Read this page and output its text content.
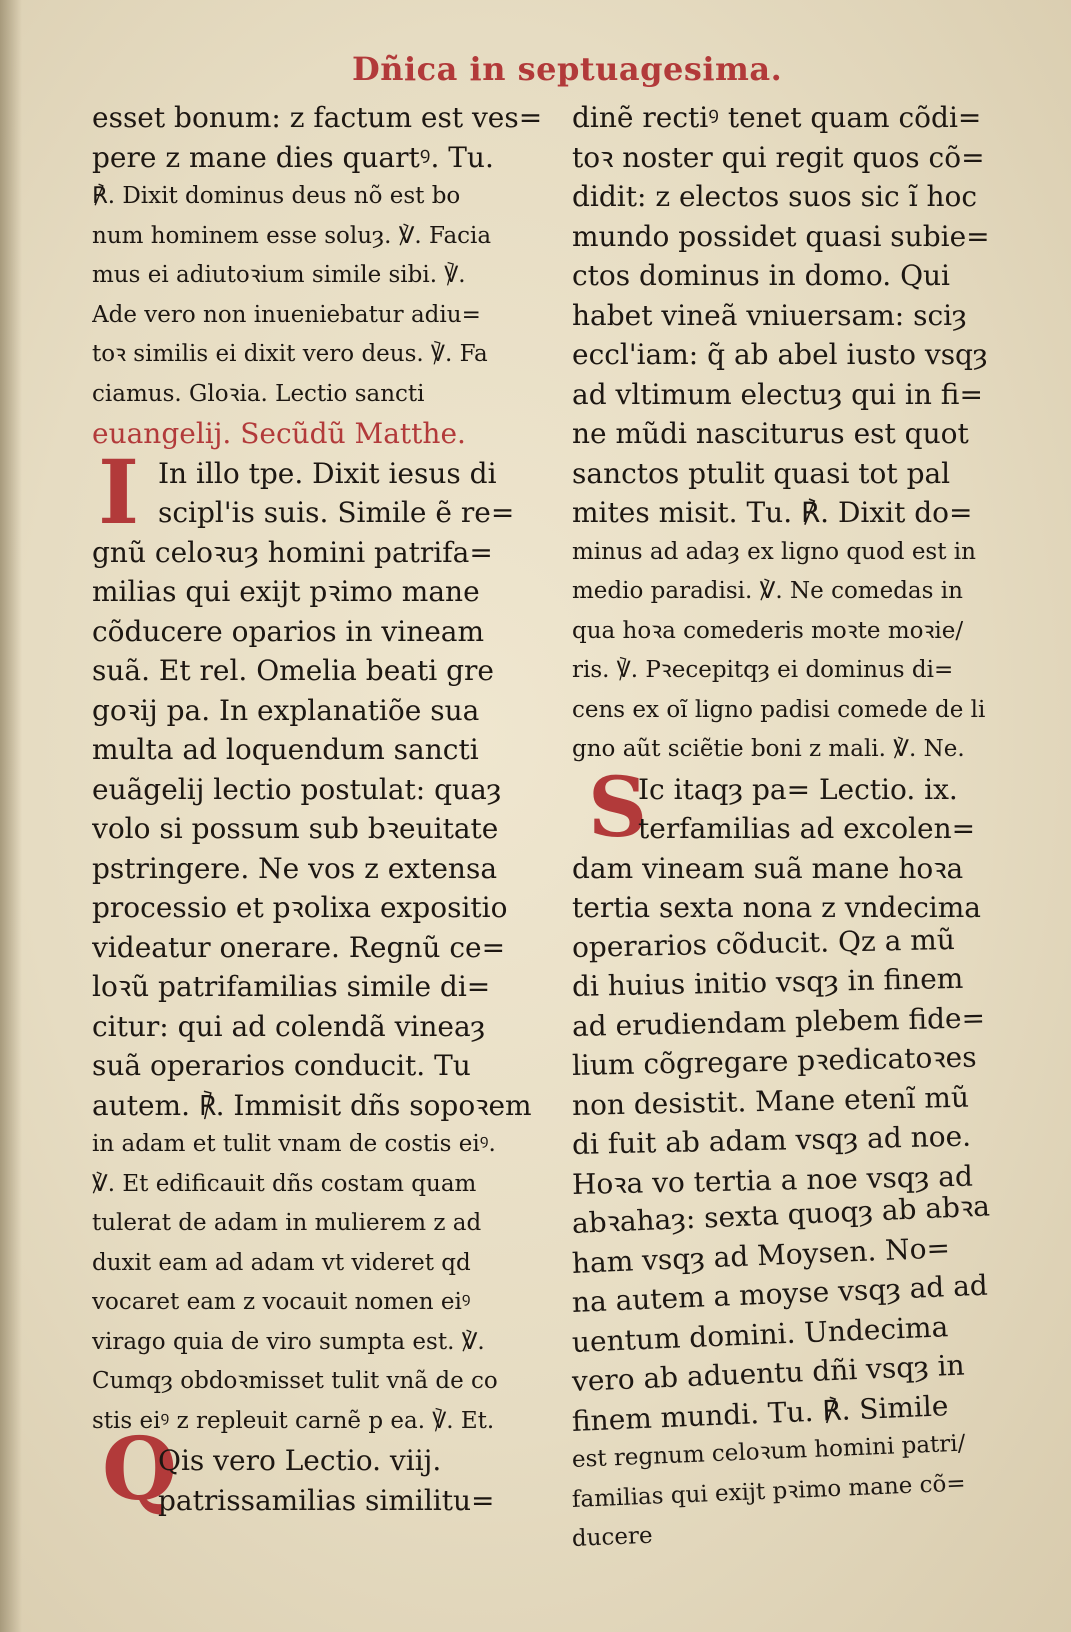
Dñica in septuagesima.
I
S
Q
esset bonum: z factum est ves=
pere z mane dies quartꝰ. Tu.
℟. Dixit dominus deus nõ est bo
num hominem esse soluȝ. ℣. Facia
mus ei adiutoꝛium simile sibi. ℣.
Ade vero non inueniebatur adiu=
toꝛ similis ei dixit vero deus. ℣. Fa
ciamus. Gloꝛia. Lectio sancti
euangelij. Secũdũ Matthe.
In illo tpe. Dixit iesus di
scipl'is suis. Simile ẽ re=
gnũ celoꝛuȝ homini patrifa=
milias qui exijt pꝛimo mane
cõducere oparios in vineam
suã. Et rel. Omelia beati gre
goꝛij pa. In explanatiõe sua
multa ad loquendum sancti
euãgelij lectio postulat: quaȝ
volo si possum sub bꝛeuitate
pstringere. Ne vos z extensa
processio et pꝛolixa expositio
videatur onerare. Regnũ ce=
loꝛũ patrifamilias simile di=
citur: qui ad colendã vineaȝ
suã operarios conducit. Tu
autem. ℟. Immisit dñs sopoꝛem
in adam et tulit vnam de costis eiꝰ.
℣. Et edificauit dñs costam quam
tulerat de adam in mulierem z ad
duxit eam ad adam vt videret qd
vocaret eam z vocauit nomen eiꝰ
virago quia de viro sumpta est. ℣.
Cumqȝ obdoꝛmisset tulit vnã de co
stis eiꝰ z repleuit carnẽ p ea. ℣. Et.
Qis vero Lectio. viij.
patrissamilias similitu=
dinẽ rectiꝰ tenet quam cõdi=
toꝛ noster qui regit quos cõ=
didit: z electos suos sic ĩ hoc
mundo possidet quasi subie=
ctos dominus in domo. Qui
habet vineã vniuersam: sciȝ
eccl'iam: q̃ ab abel iusto vsqȝ
ad vltimum electuȝ qui in fi=
ne mũdi nasciturus est quot
sanctos ptulit quasi tot pal
mites misit. Tu. ℟. Dixit do=
minus ad adaȝ ex ligno quod est in
medio paradisi. ℣. Ne comedas in
qua hoꝛa comederis moꝛte moꝛie/
ris. ℣. Pꝛecepitqȝ ei dominus di=
cens ex oĩ ligno padisi comede de li
gno aũt sciẽtie boni z mali. ℣. Ne.
Ic itaqȝ pa= Lectio. ix.
terfamilias ad excolen=
dam vineam suã mane hoꝛa
tertia sexta nona z vndecima
operarios cõducit. Qz a mũ
di huius initio vsqȝ in finem
ad erudiendam plebem fide=
lium cõgregare pꝛedicatoꝛes
non desistit. Mane etenĩ mũ
di fuit ab adam vsqȝ ad noe.
Hoꝛa vo tertia a noe vsqȝ ad
abꝛahaȝ: sexta quoqȝ ab abꝛa
ham vsqȝ ad Moysen. No=
na autem a moyse vsqȝ ad ad
uentum domini. Undecima
vero ab aduentu dñi vsqȝ in
finem mundi. Tu. ℟. Simile
est regnum celoꝛum homini patri/
familias qui exijt pꝛimo mane cõ=
ducere
